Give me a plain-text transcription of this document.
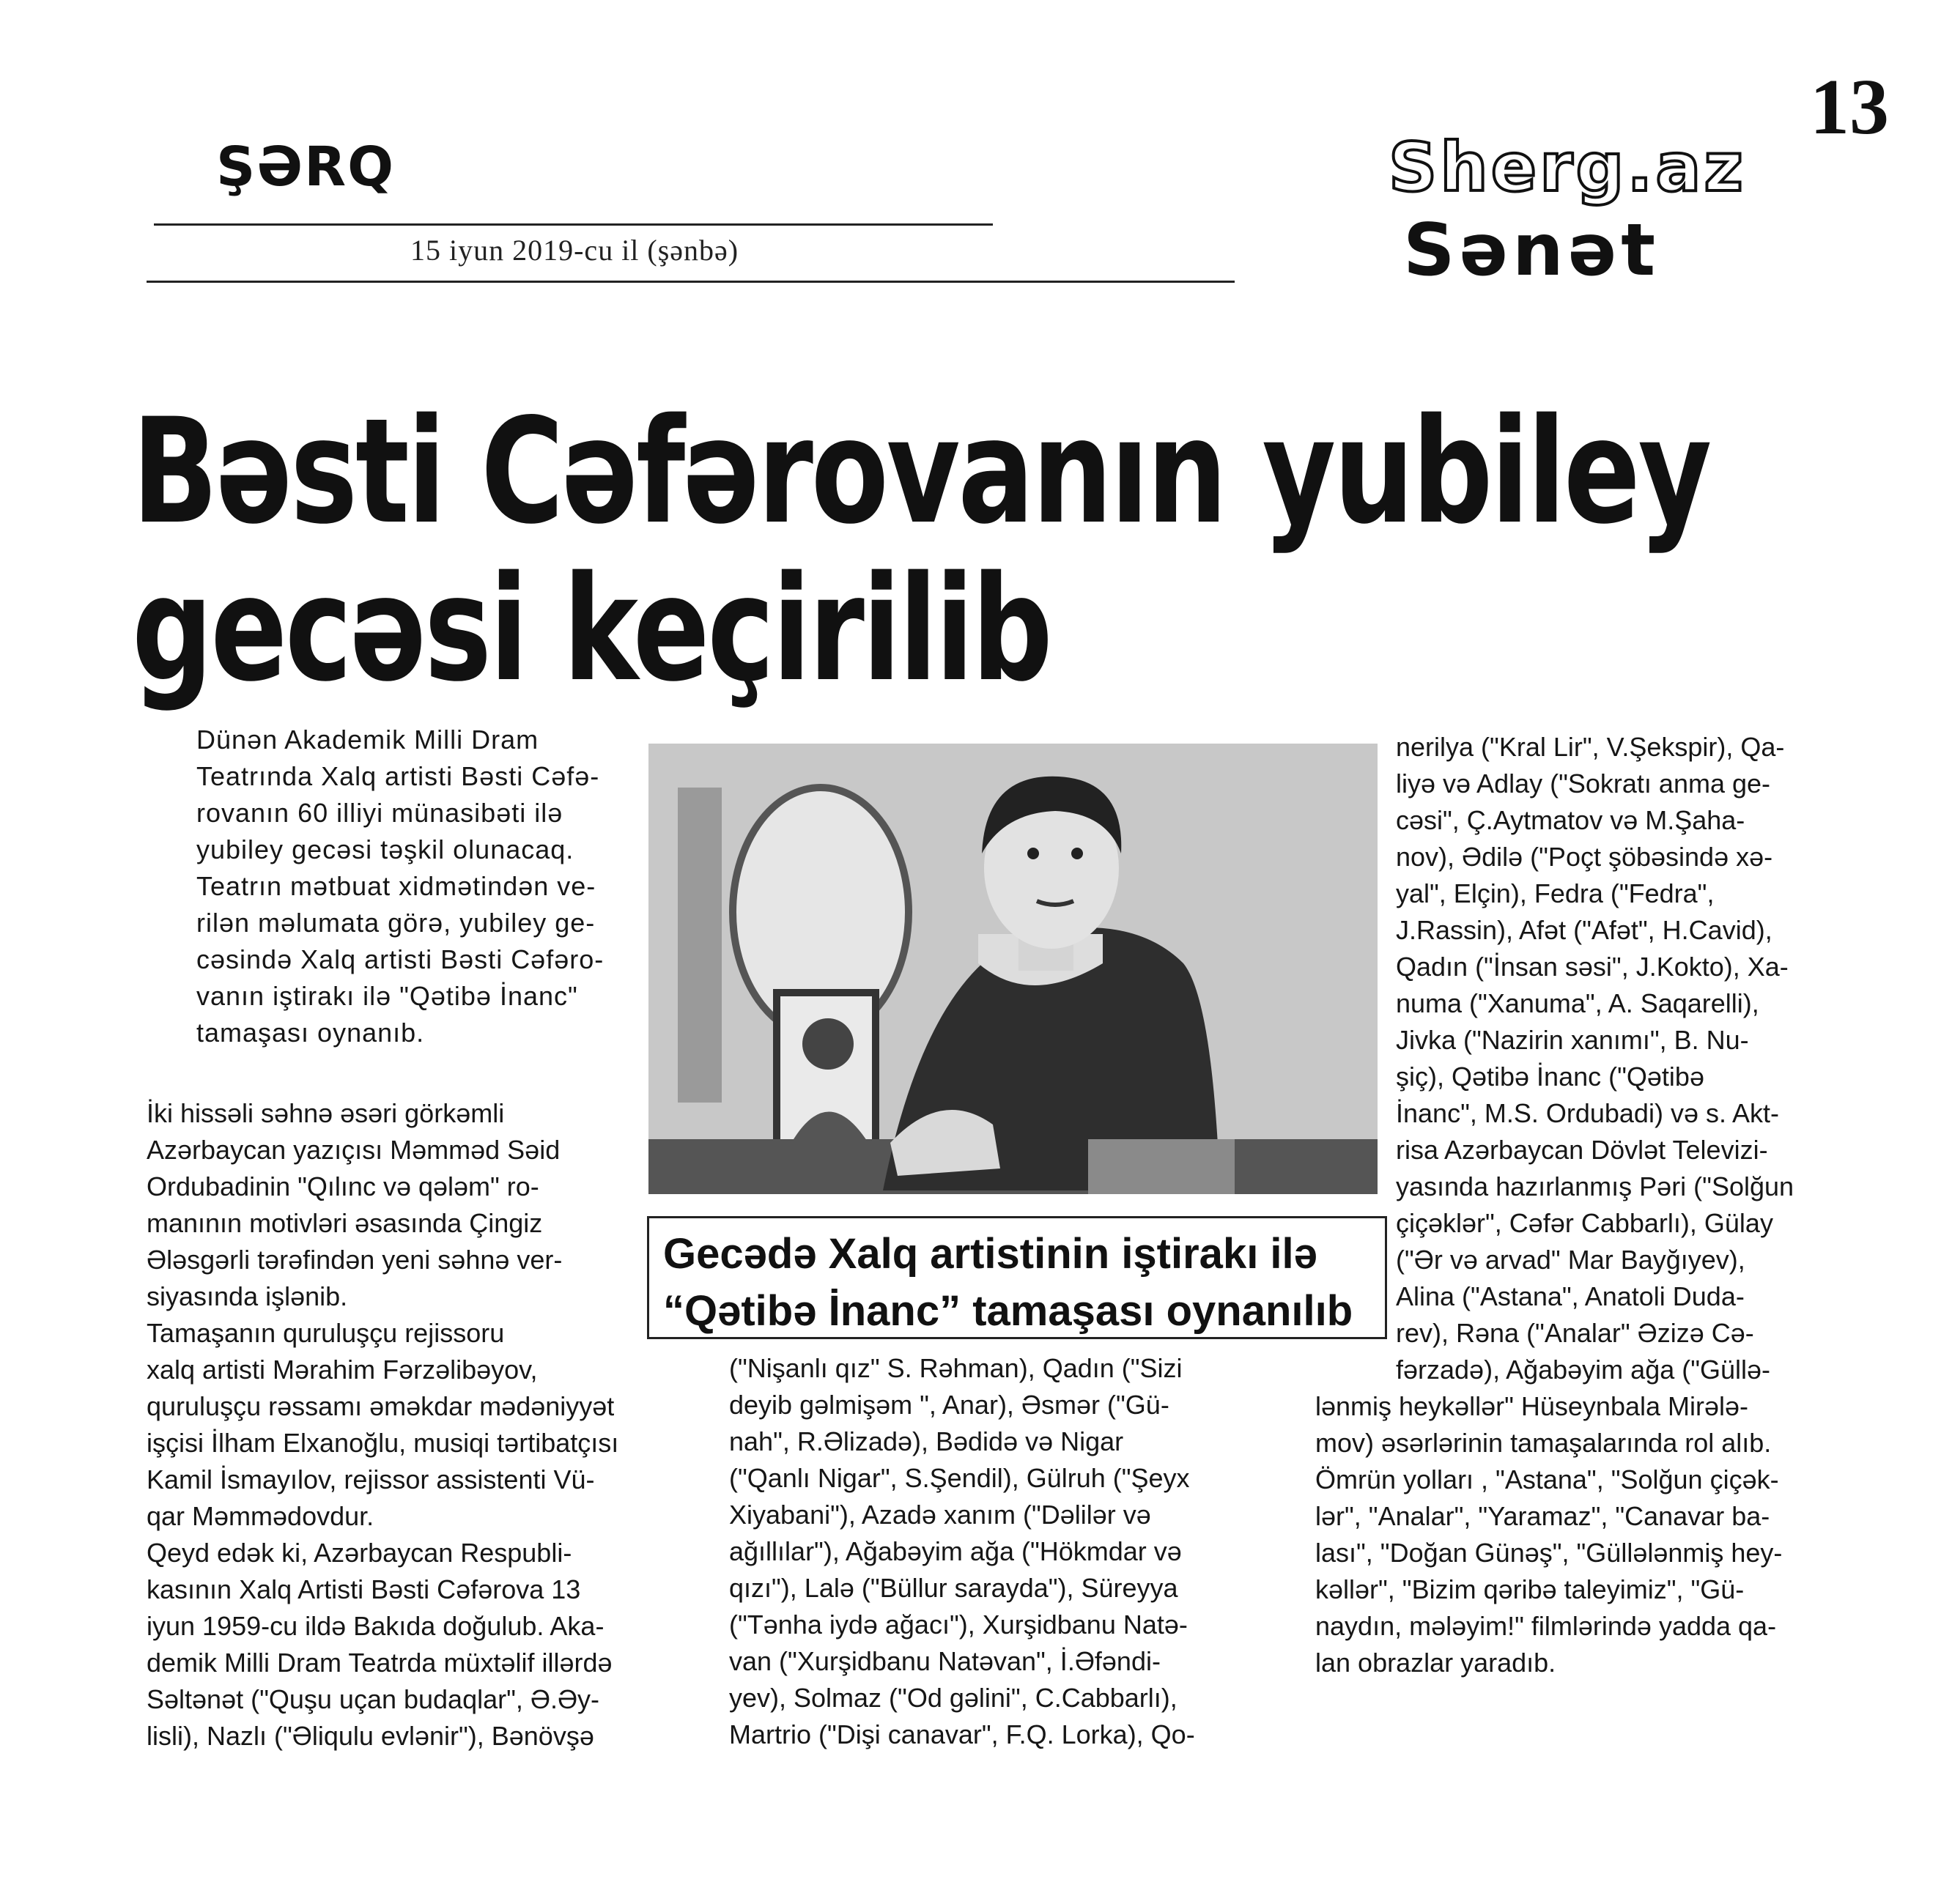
13
ŞƏRQ
15 iyun 2019-cu il (şənbə)
Sherg.az
Sənət
Bəsti Cəfərovanın yubiley
gecəsi keçirilib

Dünən Akademik Milli Dram

Teatrında Xalq artisti Bəsti Cəfə-

rovanın 60 illiyi münasibəti ilə

yubiley gecəsi təşkil olunacaq.

Teatrın mətbuat xidmətindən ve-

rilən məlumata görə, yubiley ge-

cəsində Xalq artisti Bəsti Cəfəro-

vanın iştirakı ilə "Qətibə İnanc"

tamaşası oynanıb.

İki hissəli səhnə əsəri görkəmli

Azərbaycan yazıçısı Məmməd Səid

Ordubadinin "Qılınc və qələm" ro-

manının motivləri əsasında Çingiz

Ələsgərli tərəfindən yeni səhnə ver-

siyasında işlənib.

Tamaşanın quruluşçu rejissoru

xalq artisti Mərahim Fərzəlibəyov,

quruluşçu rəssamı əməkdar mədəniyyət

işçisi İlham Elxanoğlu, musiqi tərtibatçısı

Kamil İsmayılov, rejissor assistenti Vü-

qar Məmmədovdur.

Qeyd edək ki, Azərbaycan Respubli-

kasının Xalq Artisti Bəsti Cəfərova 13

iyun 1959-cu ildə Bakıda doğulub. Aka-

demik Milli Dram Teatrda müxtəlif illərdə

Səltənət ("Quşu uçan budaqlar", Ə.Əy-

lisli), Nazlı ("Əliqulu evlənir"), Bənövşə

Gecədə Xalq artistinin iştirakı ilə
“Qətibə İnanc” tamaşası oynanılıb

("Nişanlı qız" S. Rəhman), Qadın ("Sizi

deyib gəlmişəm ", Anar), Əsmər ("Gü-

nah", R.Əlizadə), Bədidə və Nigar

("Qanlı Nigar", S.Şendil), Gülruh ("Şeyx

Xiyabani"), Azadə xanım ("Dəlilər və

ağıllılar"), Ağabəyim ağa ("Hökmdar və

qızı"), Lalə ("Büllur sarayda"), Süreyya

("Tənha iydə ağacı"), Xurşidbanu Natə-

van ("Xurşidbanu Natəvan", İ.Əfəndi-

yev), Solmaz ("Od gəlini", C.Cabbarlı),

Martrio ("Dişi canavar", F.Q. Lorka), Qo-

nerilya ("Kral Lir", V.Şekspir), Qa-

liyə və Adlay ("Sokratı anma ge-

cəsi", Ç.Aytmatov və M.Şaha-

nov), Ədilə ("Poçt şöbəsində xə-

yal", Elçin), Fedra ("Fedra",

J.Rassin), Afət ("Afət", H.Cavid),

Qadın ("İnsan səsi", J.Kokto), Xa-

numa ("Xanuma", A. Saqarelli),

Jivka ("Nazirin xanımı", B. Nu-

şiç), Qətibə İnanc ("Qətibə

İnanc", M.S. Ordubadi) və s. Akt-

risa Azərbaycan Dövlət Televizi-

yasında hazırlanmış Pəri ("Solğun

çiçəklər", Cəfər Cabbarlı), Gülay

("Ər və arvad" Mar Bayğıyev),

Alina ("Astana", Anatoli Duda-

rev), Rəna ("Analar" Əzizə Cə-

fərzadə), Ağabəyim ağa ("Güllə-

lənmiş heykəllər" Hüseynbala Mirələ-

mov) əsərlərinin tamaşalarında rol alıb.

Ömrün yolları , "Astana", "Solğun çiçək-

lər", "Analar", "Yaramaz", "Canavar ba-

lası", "Doğan Günəş", "Güllələnmiş hey-

kəllər", "Bizim qəribə taleyimiz", "Gü-

naydın, mələyim!" filmlərində yadda qa-

lan obrazlar yaradıb.
